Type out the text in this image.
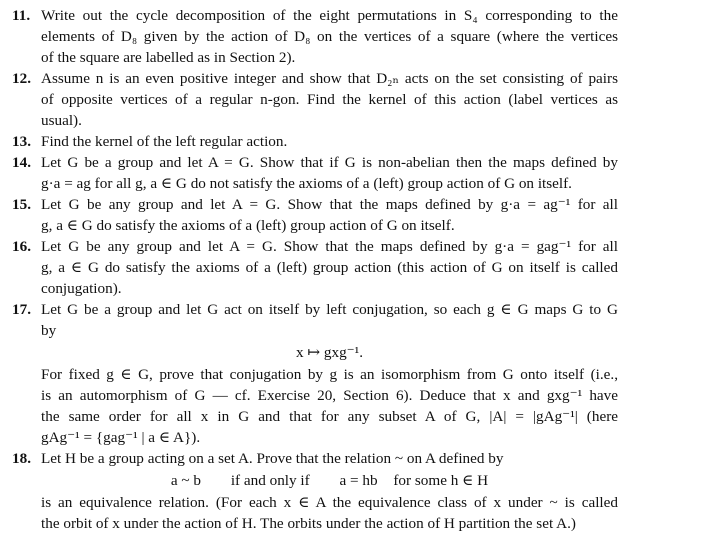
11. Write out the cycle decomposition of the eight permutations in S₄ corresponding to the
elements of D₈ given by the action of D₈ on the vertices of a square (where the vertices
of the square are labelled as in Section 2).
12. Assume n is an even positive integer and show that D₂ₙ acts on the set consisting of pairs
of opposite vertices of a regular n-gon. Find the kernel of this action (label vertices as
usual).
13. Find the kernel of the left regular action.
14. Let G be a group and let A = G. Show that if G is non-abelian then the maps defined by
g·a = ag for all g, a ∈ G do not satisfy the axioms of a (left) group action of G on itself.
15. Let G be any group and let A = G. Show that the maps defined by g·a = ag⁻¹ for all
g, a ∈ G do satisfy the axioms of a (left) group action of G on itself.
16. Let G be any group and let A = G. Show that the maps defined by g·a = gag⁻¹ for all
g, a ∈ G do satisfy the axioms of a (left) group action (this action of G on itself is called
conjugation).
17. Let G be a group and let G act on itself by left conjugation, so each g ∈ G maps G to G
by
x ↦ gxg⁻¹.
For fixed g ∈ G, prove that conjugation by g is an isomorphism from G onto itself (i.e.,
is an automorphism of G — cf. Exercise 20, Section 6). Deduce that x and gxg⁻¹ have
the same order for all x in G and that for any subset A of G, |A| = |gAg⁻¹| (here
gAg⁻¹ = {gag⁻¹ | a ∈ A}).
18. Let H be a group acting on a set A. Prove that the relation ~ on A defined by
a ~ b if and only if a = hb for some h ∈ H
is an equivalence relation. (For each x ∈ A the equivalence class of x under ~ is called
the orbit of x under the action of H. The orbits under the action of H partition the set A.)
